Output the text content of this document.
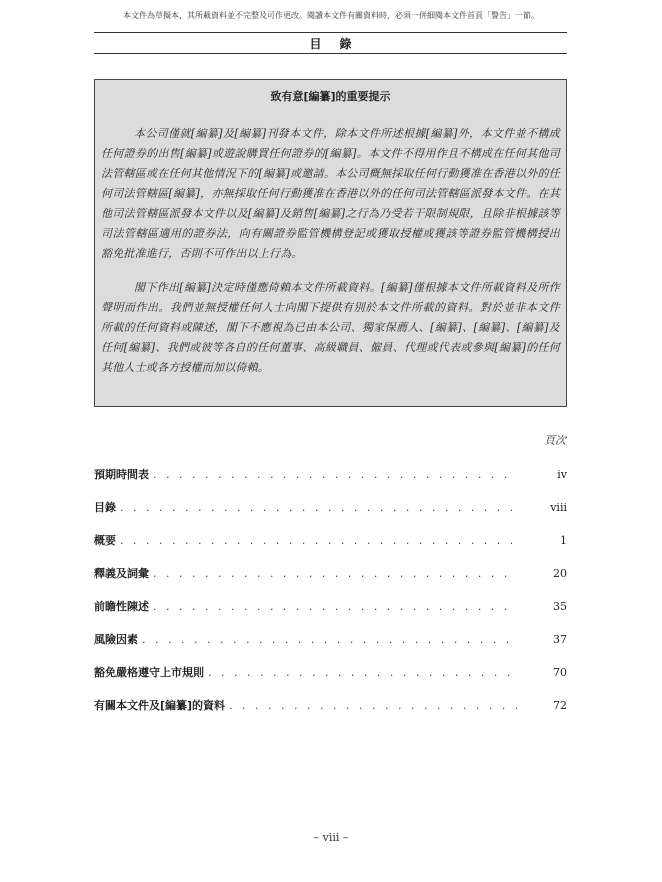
本文件為草擬本，其所載資料並不完整及可作更改。閱讀本文件有關資料時，必須一併細閱本文件首頁「警告」一節。
目錄
致有意[編纂]的重要提示

本公司僅就[編纂]及[編纂]刊發本文件，除本文件所述根據[編纂]外，本文件並不構成任何證券的出售[編纂]或遊說購買任何證券的[編纂]。本文件不得用作且不構成在任何其他司法管轄區或在任何其他情況下的[編纂]或邀請。本公司概無採取任何行動獲准在香港以外的任何司法管轄區[編纂]，亦無採取任何行動獲准在香港以外的任何司法管轄區派發本文件。在其他司法管轄區派發本文件以及[編纂]及銷售[編纂]之行為乃受若干限制規限，且除非根據該等司法管轄區適用的證券法，向有關證券監管機構登記或獲取授權或獲該等證券監管機構授出豁免批准進行，否則不可作出以上行為。

閣下作出[編纂]決定時僅應倚賴本文件所載資料。[編纂]僅根據本文件所載資料及所作聲明而作出。我們並無授權任何人士向閣下提供有別於本文件所載的資料。對於並非本文件所載的任何資料或陳述，閣下不應視為已由本公司、獨家保薦人、[編纂]、[編纂]、[編纂]及任何[編纂]、我們或彼等各自的任何董事、高級職員、僱員、代理或代表或參與[編纂]的任何其他人士或各方授權而加以倚賴。

頁次
預期時間表 . . .	iv
目錄 . . .	viii
概要 . . .	1
釋義及詞彙 . . .	20
前瞻性陳述 . . .	35
風險因素 . . .	37
豁免嚴格遵守上市規則 . . .	70
有關本文件及[編纂]的資料 . . .	72
– viii –
